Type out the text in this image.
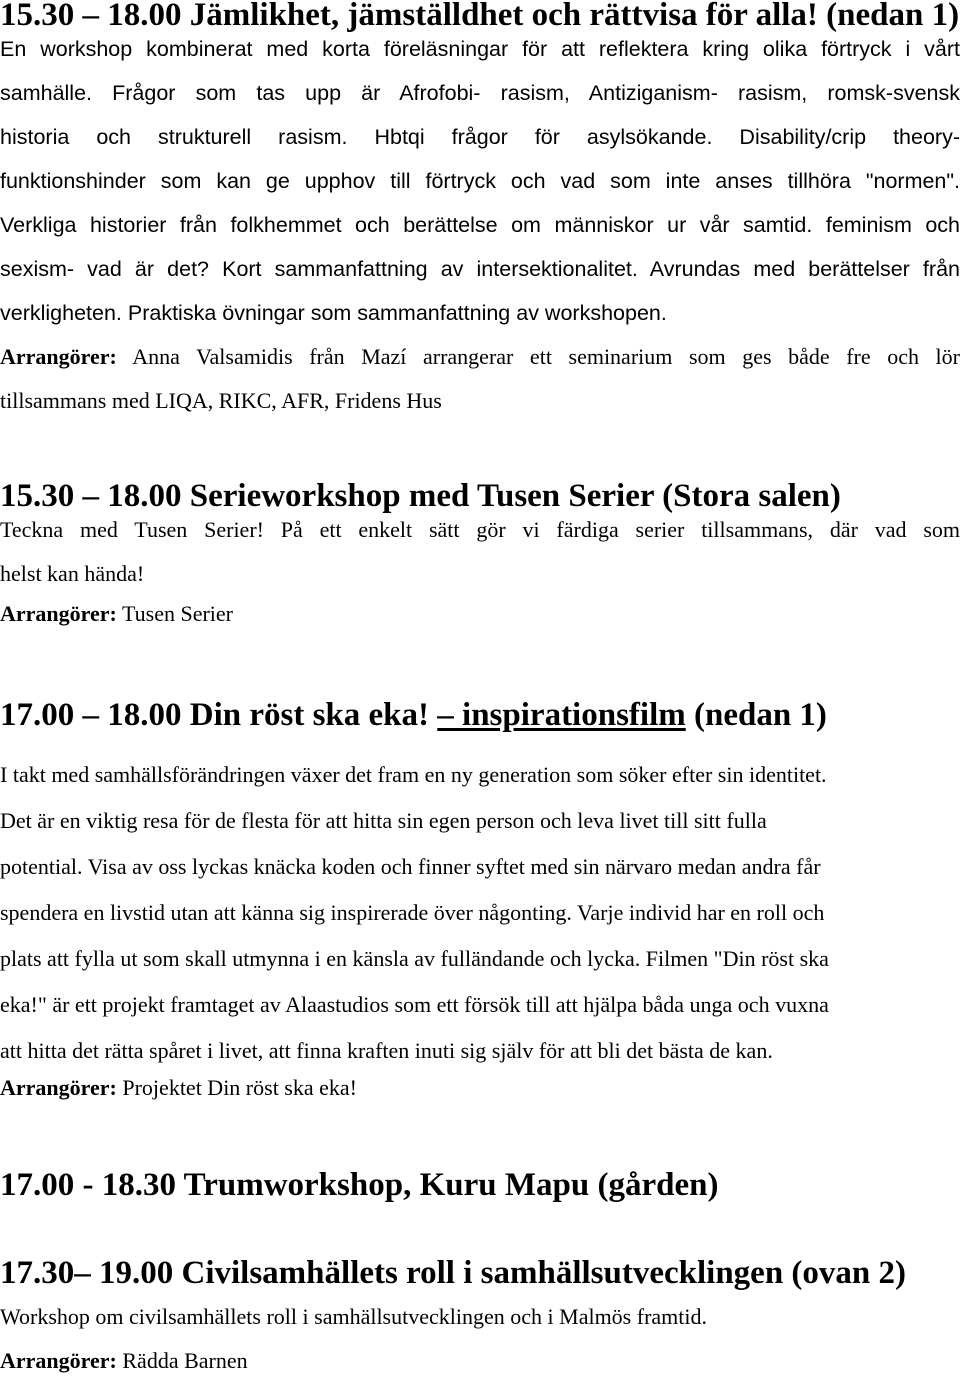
15.30 – 18.00 Jämlikhet, jämställdhet och rättvisa för alla! (nedan 1)

En workshop kombinerat med korta föreläsningar för att reflektera kring olika förtryck i vårt
samhälle. Frågor som tas upp är Afrofobi- rasism, Antiziganism- rasism, romsk-svensk
historia och strukturell rasism. Hbtqi frågor för asylsökande. Disability/crip theory-
funktionshinder som kan ge upphov till förtryck och vad som inte anses tillhöra "normen".
Verkliga historier från folkhemmet och berättelse om människor ur vår samtid. feminism och
sexism- vad är det? Kort sammanfattning av intersektionalitet. Avrundas med berättelser från
verkligheten. Praktiska övningar som sammanfattning av workshopen.

Arrangörer: Anna Valsamidis från Mazí arrangerar ett seminarium som ges både fre och lör
tillsammans med LIQA, RIKC, AFR, Fridens Hus
15.30 – 18.00 Serieworkshop med Tusen Serier (Stora salen)

Teckna med Tusen Serier! På ett enkelt sätt gör vi färdiga serier tillsammans, där vad som
helst kan hända!

Arrangörer: Tusen Serier
17.00 – 18.00 Din röst ska eka! – inspirationsfilm (nedan 1)

I takt med samhällsförändringen växer det fram en ny generation som söker efter sin identitet.
Det är en viktig resa för de flesta för att hitta sin egen person och leva livet till sitt fulla
potential. Visa av oss lyckas knäcka koden och finner syftet med sin närvaro medan andra får
spendera en livstid utan att känna sig inspirerade över någonting. Varje individ har en roll och
plats att fylla ut som skall utmynna i en känsla av fulländande och lycka. Filmen "Din röst ska
eka!" är ett projekt framtaget av Alaastudios som ett försök till att hjälpa båda unga och vuxna
att hitta det rätta spåret i livet, att finna kraften inuti sig själv för att bli det bästa de kan.

Arrangörer: Projektet Din röst ska eka!
17.00 - 18.30 Trumworkshop, Kuru Mapu (gården)
17.30– 19.00 Civilsamhällets roll i samhällsutvecklingen (ovan 2)

Workshop om civilsamhällets roll i samhällsutvecklingen och i Malmös framtid.

Arrangörer: Rädda Barnen
